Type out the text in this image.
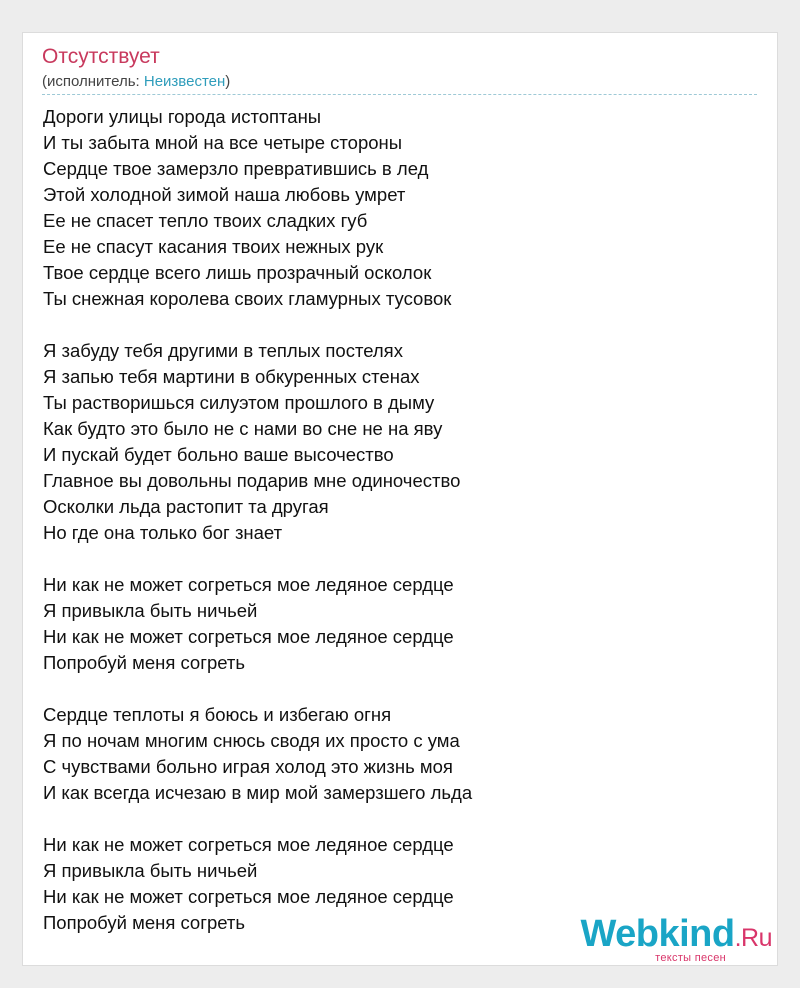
Отсутствует
(исполнитель: Неизвестен)
Дороги улицы города истоптаны
И ты забыта мной на все четыре стороны
Сердце твое замерзло превратившись в лед
Этой холодной зимой наша любовь умрет
Ее не спасет тепло твоих сладких губ
Ее не спасут касания твоих нежных рук
Твое сердце всего лишь прозрачный осколок
Ты снежная королева своих гламурных тусовок
Я забуду тебя другими в теплых постелях
Я запью тебя мартини в обкуренных стенах
Ты растворишься силуэтом прошлого в дыму
Как будто это было не с нами во сне не на яву
И пускай будет больно ваше высочество
Главное вы довольны подарив мне одиночество
Осколки льда растопит та другая
Но где она только бог знает
Ни как не может согреться мое ледяное сердце
Я привыкла быть ничьей
Ни как не может согреться мое ледяное сердце
Попробуй меня согреть
Сердце теплоты я боюсь и избегаю огня
Я по ночам многим снюсь сводя их просто с ума
С чувствами больно играя холод это жизнь моя
И как всегда исчезаю в мир мой замерзшего льда
Ни как не может согреться мое ледяное сердце
Я привыкла быть ничьей
Ни как не может согреться мое ледяное сердце
Попробуй меня согреть	Webkind.Ru
тексты песен
